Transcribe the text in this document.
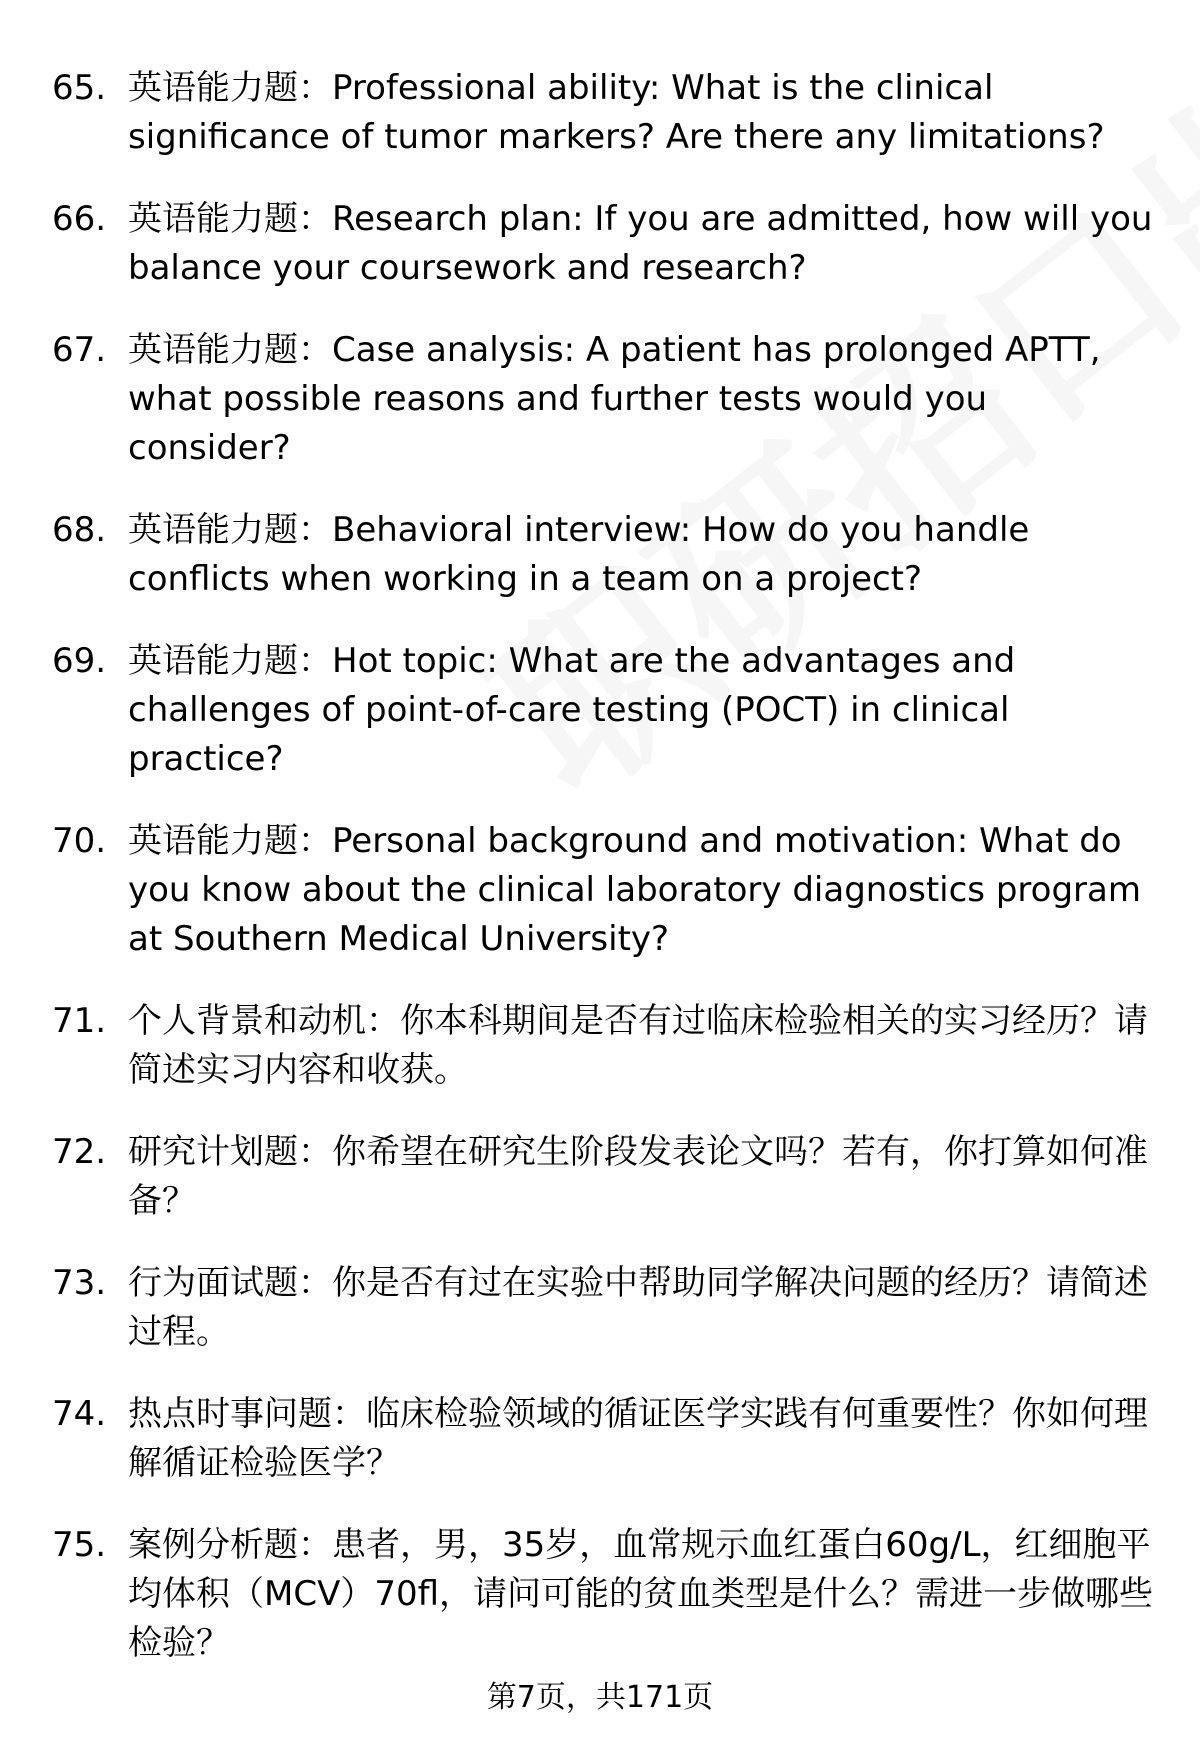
65. 英语能力题：Professional ability: What is the clinical significance of tumor markers? Are there any limitations?
66. 英语能力题：Research plan: If you are admitted, how will you balance your coursework and research?
67. 英语能力题：Case analysis: A patient has prolonged APTT, what possible reasons and further tests would you consider?
68. 英语能力题：Behavioral interview: How do you handle conflicts when working in a team on a project?
69. 英语能力题：Hot topic: What are the advantages and challenges of point-of-care testing (POCT) in clinical practice?
70. 英语能力题：Personal background and motivation: What do you know about the clinical laboratory diagnostics program at Southern Medical University?
71. 个人背景和动机：你本科期间是否有过临床检验相关的实习经历？请简述实习内容和收获。
72. 研究计划题：你希望在研究生阶段发表论文吗？若有，你打算如何准备？
73. 行为面试题：你是否有过在实验中帮助同学解决问题的经历？请简述过程。
74. 热点时事问题：临床检验领域的循证医学实践有何重要性？你如何理解循证检验医学？
75. 案例分析题：患者，男，35岁，血常规示血红蛋白60g/L，红细胞平均体积（MCV）70fl，请问可能的贫血类型是什么？需进一步做哪些检验？
第7页，共171页
